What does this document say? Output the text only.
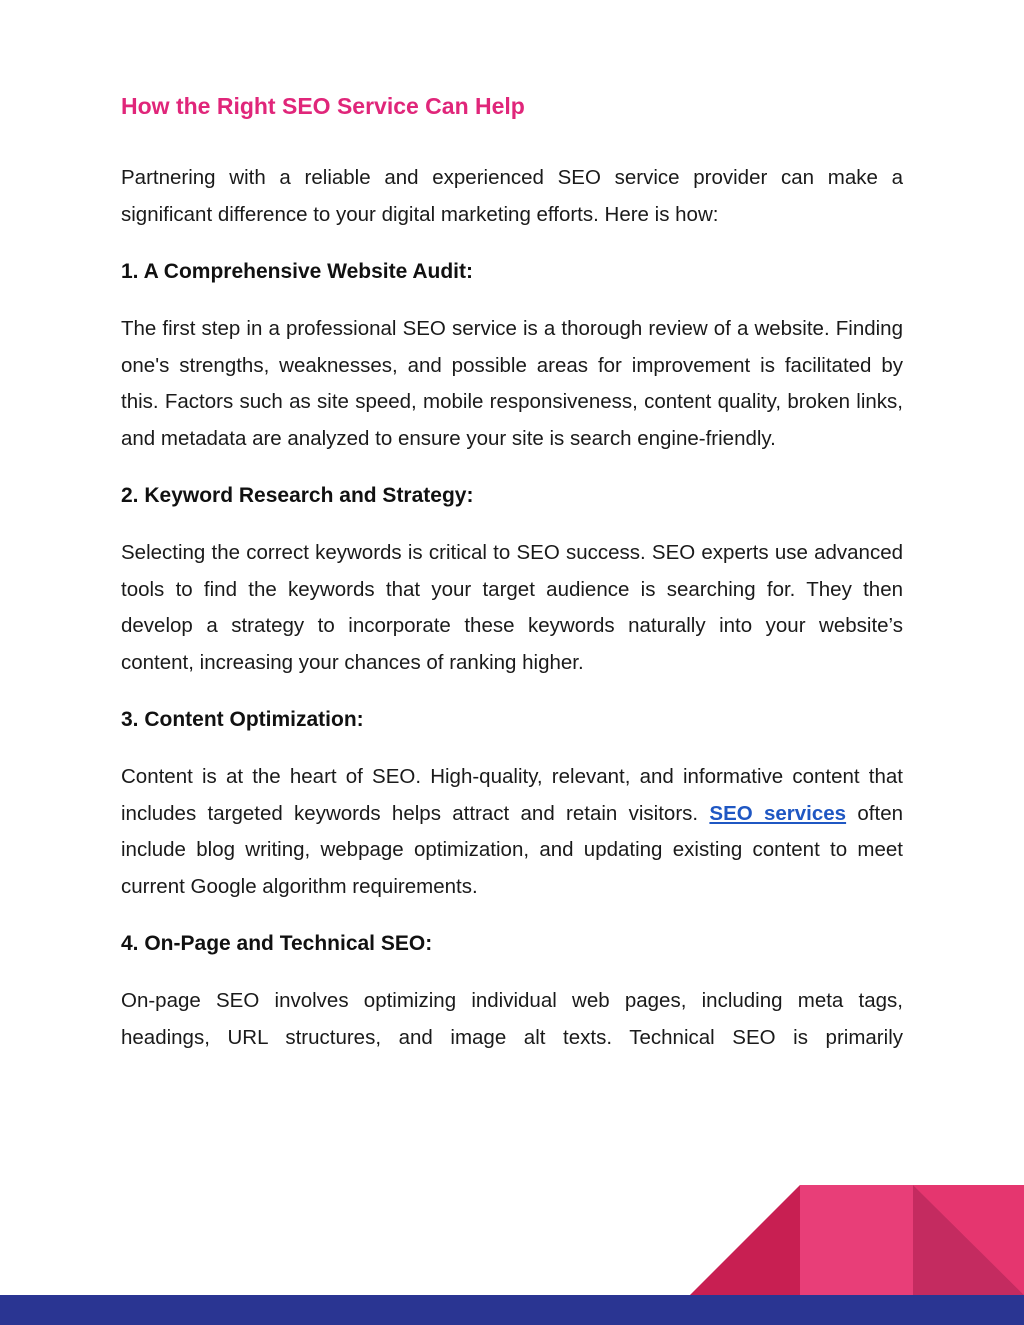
How the Right SEO Service Can Help

Partnering with a reliable and experienced SEO service provider can make a significant difference to your digital marketing efforts. Here is how:

1. A Comprehensive Website Audit:

The first step in a professional SEO service is a thorough review of a website. Finding one's strengths, weaknesses, and possible areas for improvement is facilitated by this. Factors such as site speed, mobile responsiveness, content quality, broken links, and metadata are analyzed to ensure your site is search engine-friendly.

2. Keyword Research and Strategy:

Selecting the correct keywords is critical to SEO success. SEO experts use advanced tools to find the keywords that your target audience is searching for. They then develop a strategy to incorporate these keywords naturally into your website’s content, increasing your chances of ranking higher.

3. Content Optimization:

Content is at the heart of SEO. High-quality, relevant, and informative content that includes targeted keywords helps attract and retain visitors. SEO services often include blog writing, webpage optimization, and updating existing content to meet current Google algorithm requirements.

4. On-Page and Technical SEO:

On-page SEO involves optimizing individual web pages, including meta tags, headings, URL structures, and image alt texts. Technical SEO is primarily
